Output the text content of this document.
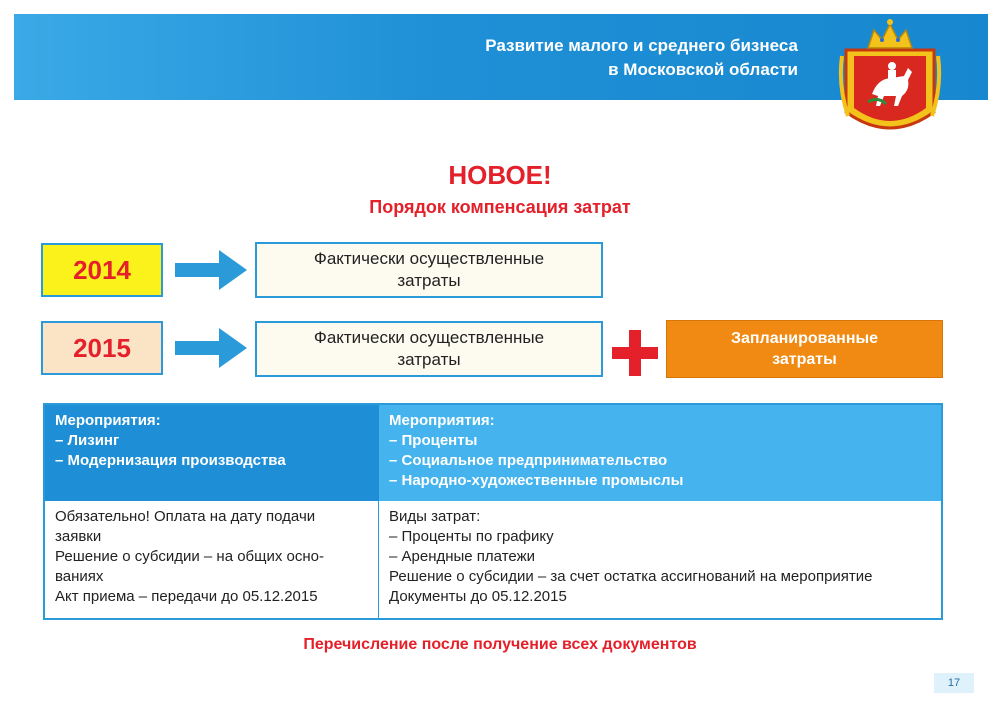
Развитие малого и среднего бизнеса
в Московской области
НОВОЕ!
Порядок компенсация затрат
2014	Фактически осуществленные
затраты
2015	Фактически осуществленные
затраты
Запланированные
затраты
Мероприятия:
– Лизинг
– Модернизация производства
Мероприятия:
– Проценты
– Социальное предпринимательство
– Народно-художественные промыслы
Обязательно! Оплата на дату подачи
заявки
Решение о субсидии – на общих осно-
ваниях
Акт приема – передачи до 05.12.2015
Виды затрат:
– Проценты по графику
– Арендные платежи
Решение о субсидии – за счет остатка ассигнований на мероприятие
Документы до 05.12.2015
Перечисление после получение всех документов
17
